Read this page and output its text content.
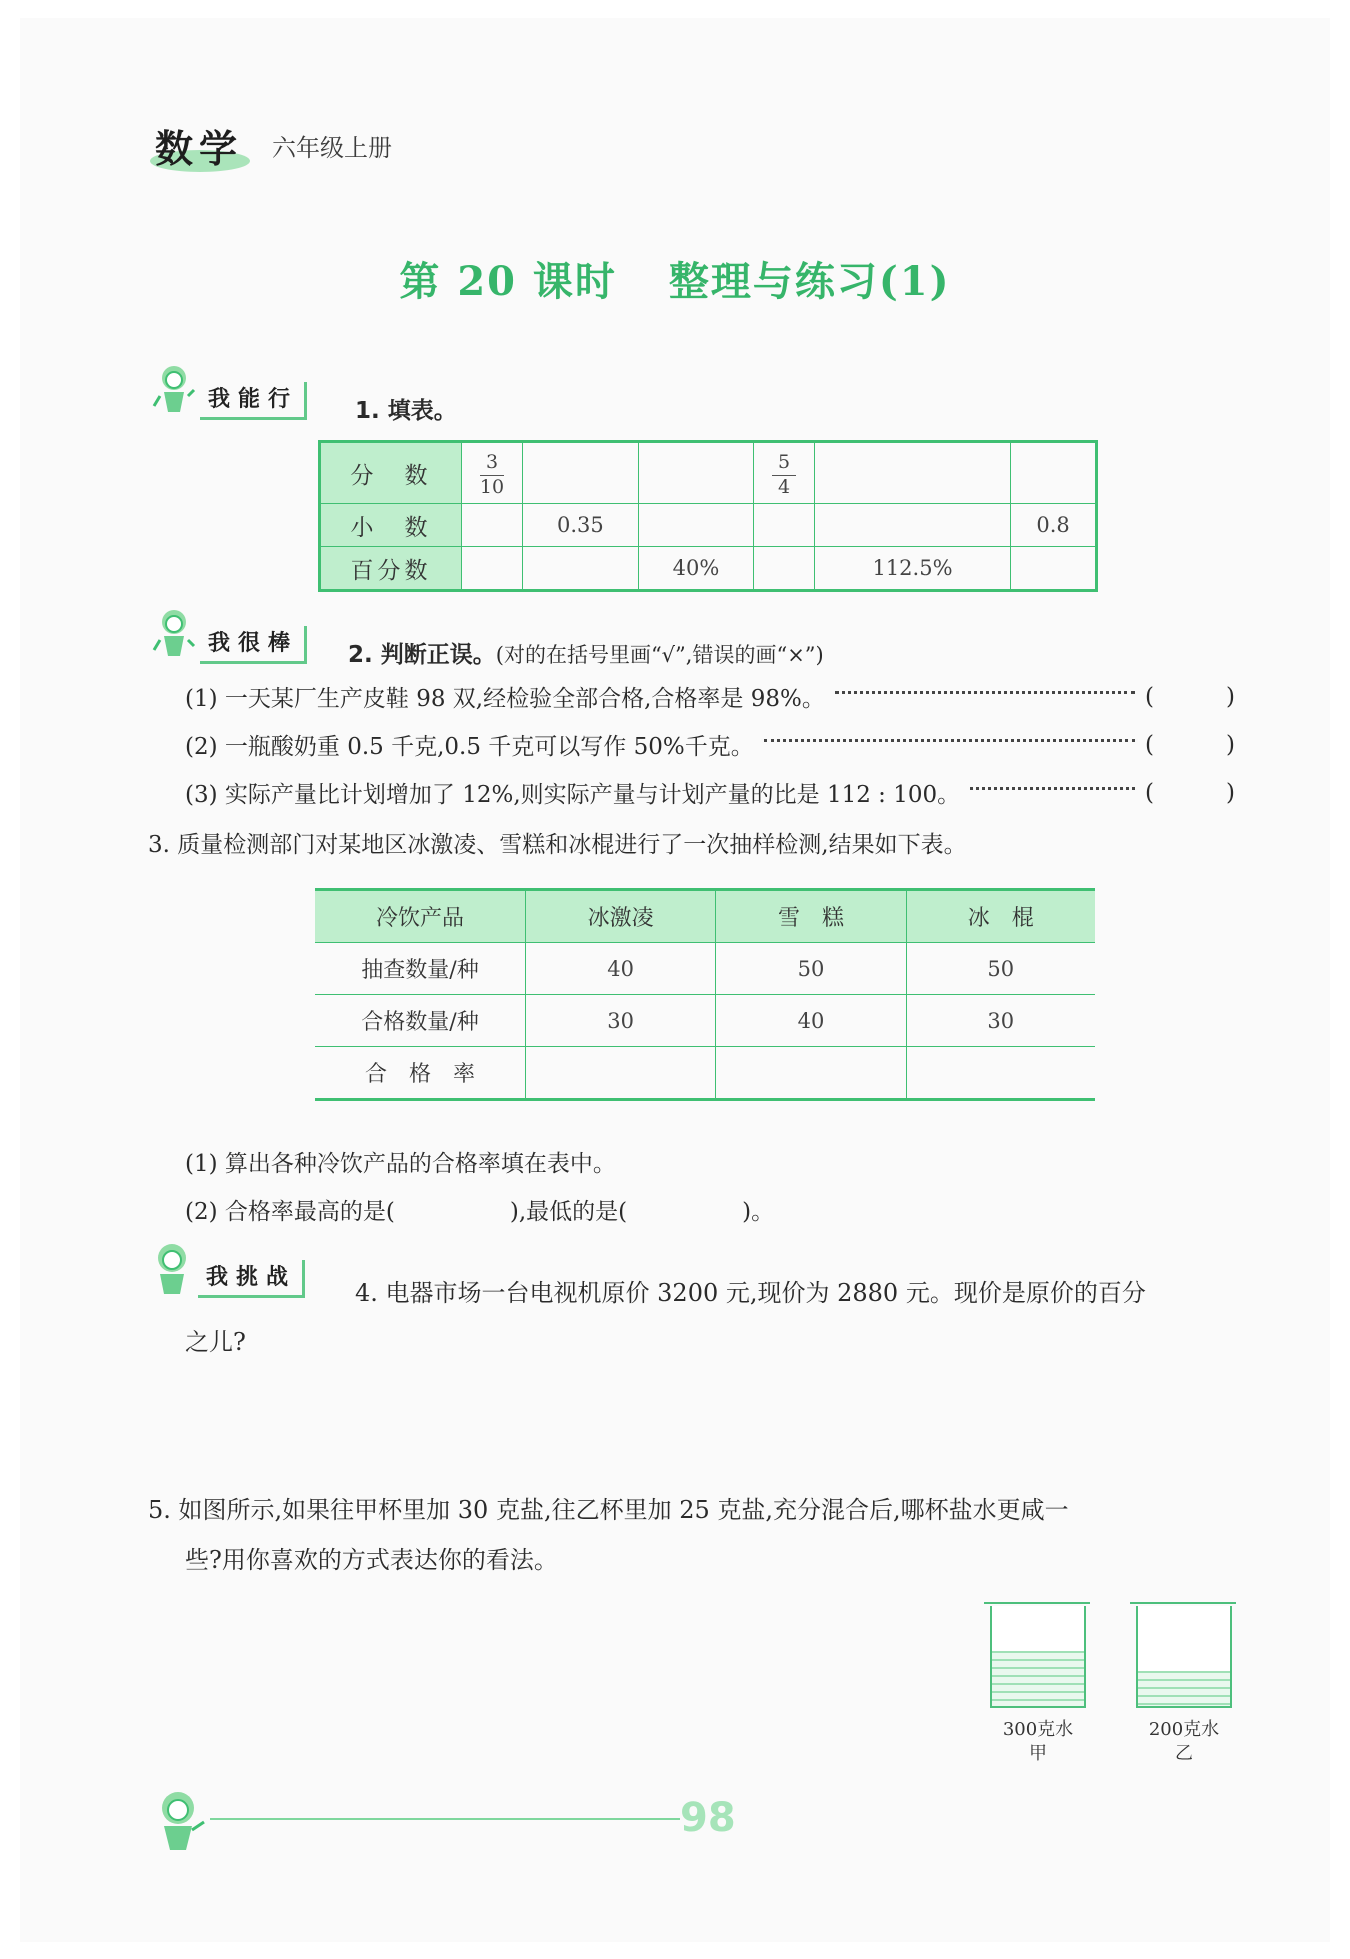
数学 六年级上册
第 20 课时 整理与练习(1)
我能行	1. 填表。
分　数	$\frac{3}{10}$			$\frac{5}{4}$

小　数		0.35				0.8
百分数			40%		112.5%	
我很棒	2. 判断正误。(对的在括号里画“√”,错误的画“×”)
(1) 一天某厂生产皮鞋 98 双,经检验全部合格,合格率是 98%。	(	)
(2) 一瓶酸奶重 0.5 千克,0.5 千克可以写作 50%千克。	(	)
(3) 实际产量比计划增加了 12%,则实际产量与计划产量的比是 112 : 100。	(	)
3. 质量检测部门对某地区冰激凌、雪糕和冰棍进行了一次抽样检测,结果如下表。
冷饮产品	冰激凌	雪　糕	冰　棍
抽查数量/种	40	50	50
合格数量/种	30	40	30
合　格　率			
(1) 算出各种冷饮产品的合格率填在表中。
(2) 合格率最高的是(　　　　　),最低的是(　　　　　)。
我挑战
4. 电器市场一台电视机原价 3200 元,现价为 2880 元。现价是原价的百分
之儿?
5. 如图所示,如果往甲杯里加 30 克盐,往乙杯里加 25 克盐,充分混合后,哪杯盐水更咸一
些?用你喜欢的方式表达你的看法。
300克水
甲
200克水
乙
98
